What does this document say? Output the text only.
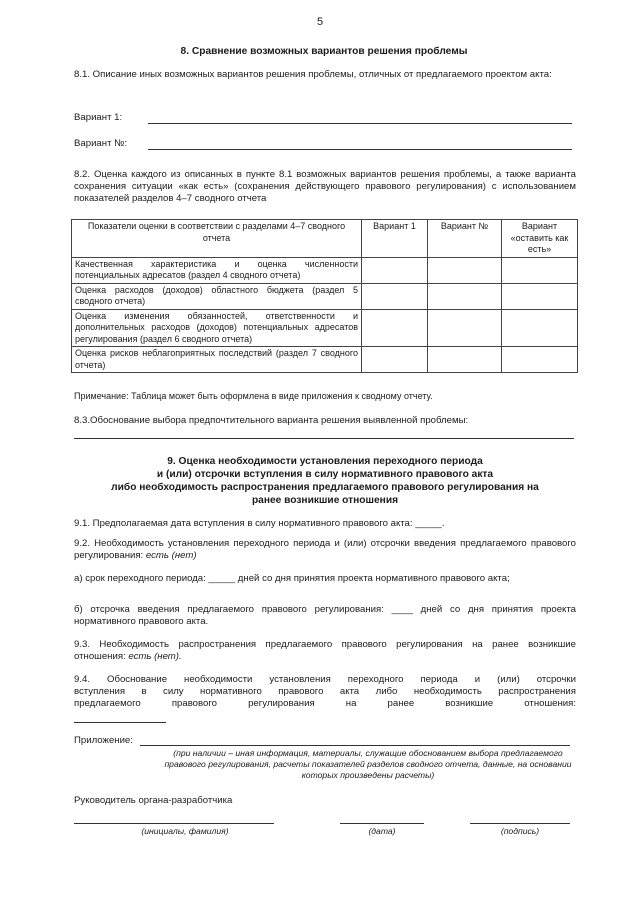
5
8. Сравнение возможных вариантов решения проблемы
8.1. Описание иных возможных вариантов решения проблемы, отличных от предлагаемого проектом акта:
Вариант 1:
Вариант №:
8.2. Оценка каждого из описанных в пункте 8.1 возможных вариантов решения проблемы, а также варианта сохранения ситуации «как есть» (сохранения действующего правового регулирования) с использованием показателей разделов 4–7 сводного отчета
Показатели оценки в соответствии с разделами 4–7 сводного отчета	Вариант 1	Вариант №	Вариант «оставить как есть»
Качественная характеристика и оценка численности потенциальных адресатов (раздел 4 сводного отчета)			
Оценка расходов (доходов) областного бюджета (раздел 5 сводного отчета)			
Оценка изменения обязанностей, ответственности и дополнительных расходов (доходов) потенциальных адресатов регулирования (раздел 6 сводного отчета)			
Оценка рисков неблагоприятных последствий (раздел 7 сводного отчета)			
Примечание: Таблица может быть оформлена в виде приложения к сводному отчету.
8.3.Обоснование выбора предпочтительного варианта решения выявленной проблемы:
9. Оценка необходимости установления переходного периода
и (или) отсрочки вступления в силу нормативного правового акта
либо необходимость распространения предлагаемого правового регулирования на
ранее возникшие отношения
9.1. Предполагаемая дата вступления в силу нормативного правового акта: _____.
9.2. Необходимость установления переходного периода и (или) отсрочки введения предлагаемого правового регулирования: есть (нет)
а) срок переходного периода: _____ дней со дня принятия проекта нормативного правового акта;
б) отсрочка введения предлагаемого правового регулирования: ____ дней со дня принятия проекта нормативного правового акта.
9.3. Необходимость распространения предлагаемого правового регулирования на ранее возникшие отношения: есть (нет).
9.4. Обоснование необходимости установления переходного периода и (или) отсрочки
вступления в силу нормативного правового акта либо необходимость распространения
предлагаемого правового регулирования на ранее возникшие отношения:
Приложение:
(при наличии – иная информация, материалы, служащие обоснованием выбора предлагаемого правового регулирования, расчеты показателей разделов сводного отчета, данные, на основании которых произведены расчеты)
Руководитель органа-разработчика
(инициалы, фамилия)	(дата)	(подпись)
